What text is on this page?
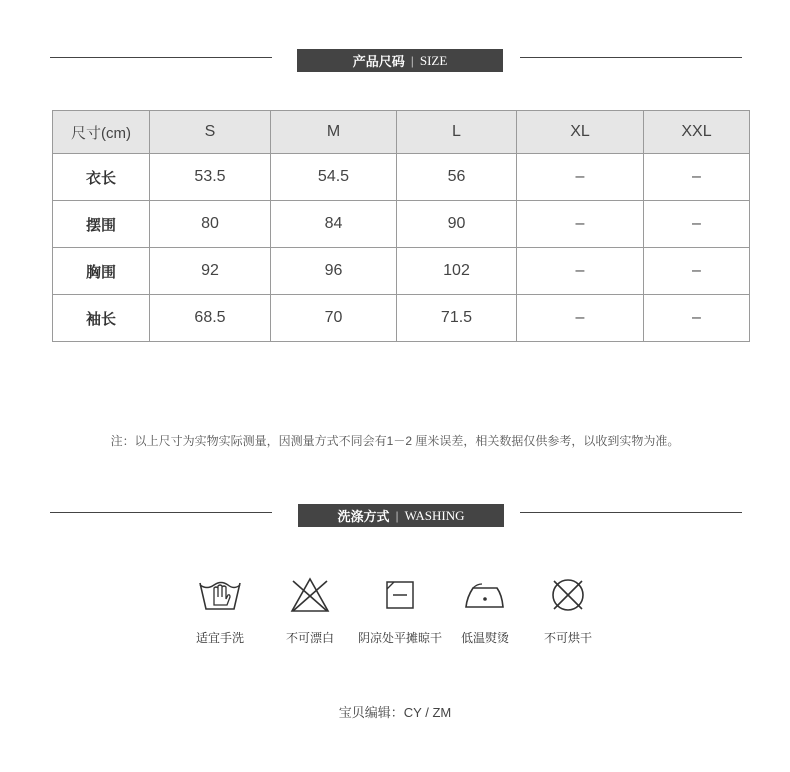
产品尺码 | SIZE
尺寸(cm)	S	M	L	XL	XXL
衣长	53.5	54.5	56	–	–
摆围	80	84	90	–	–
胸围	92	96	102	–	–
袖长	68.5	70	71.5	–	–
注：以上尺寸为实物实际测量，因测量方式不同会有1－2 厘米误差，相关数据仅供参考，以收到实物为准。
洗涤方式 | WASHING
适宜手洗	不可漂白	阴凉处平摊晾干	低温熨烫	不可烘干
宝贝编辑：CY / ZM
